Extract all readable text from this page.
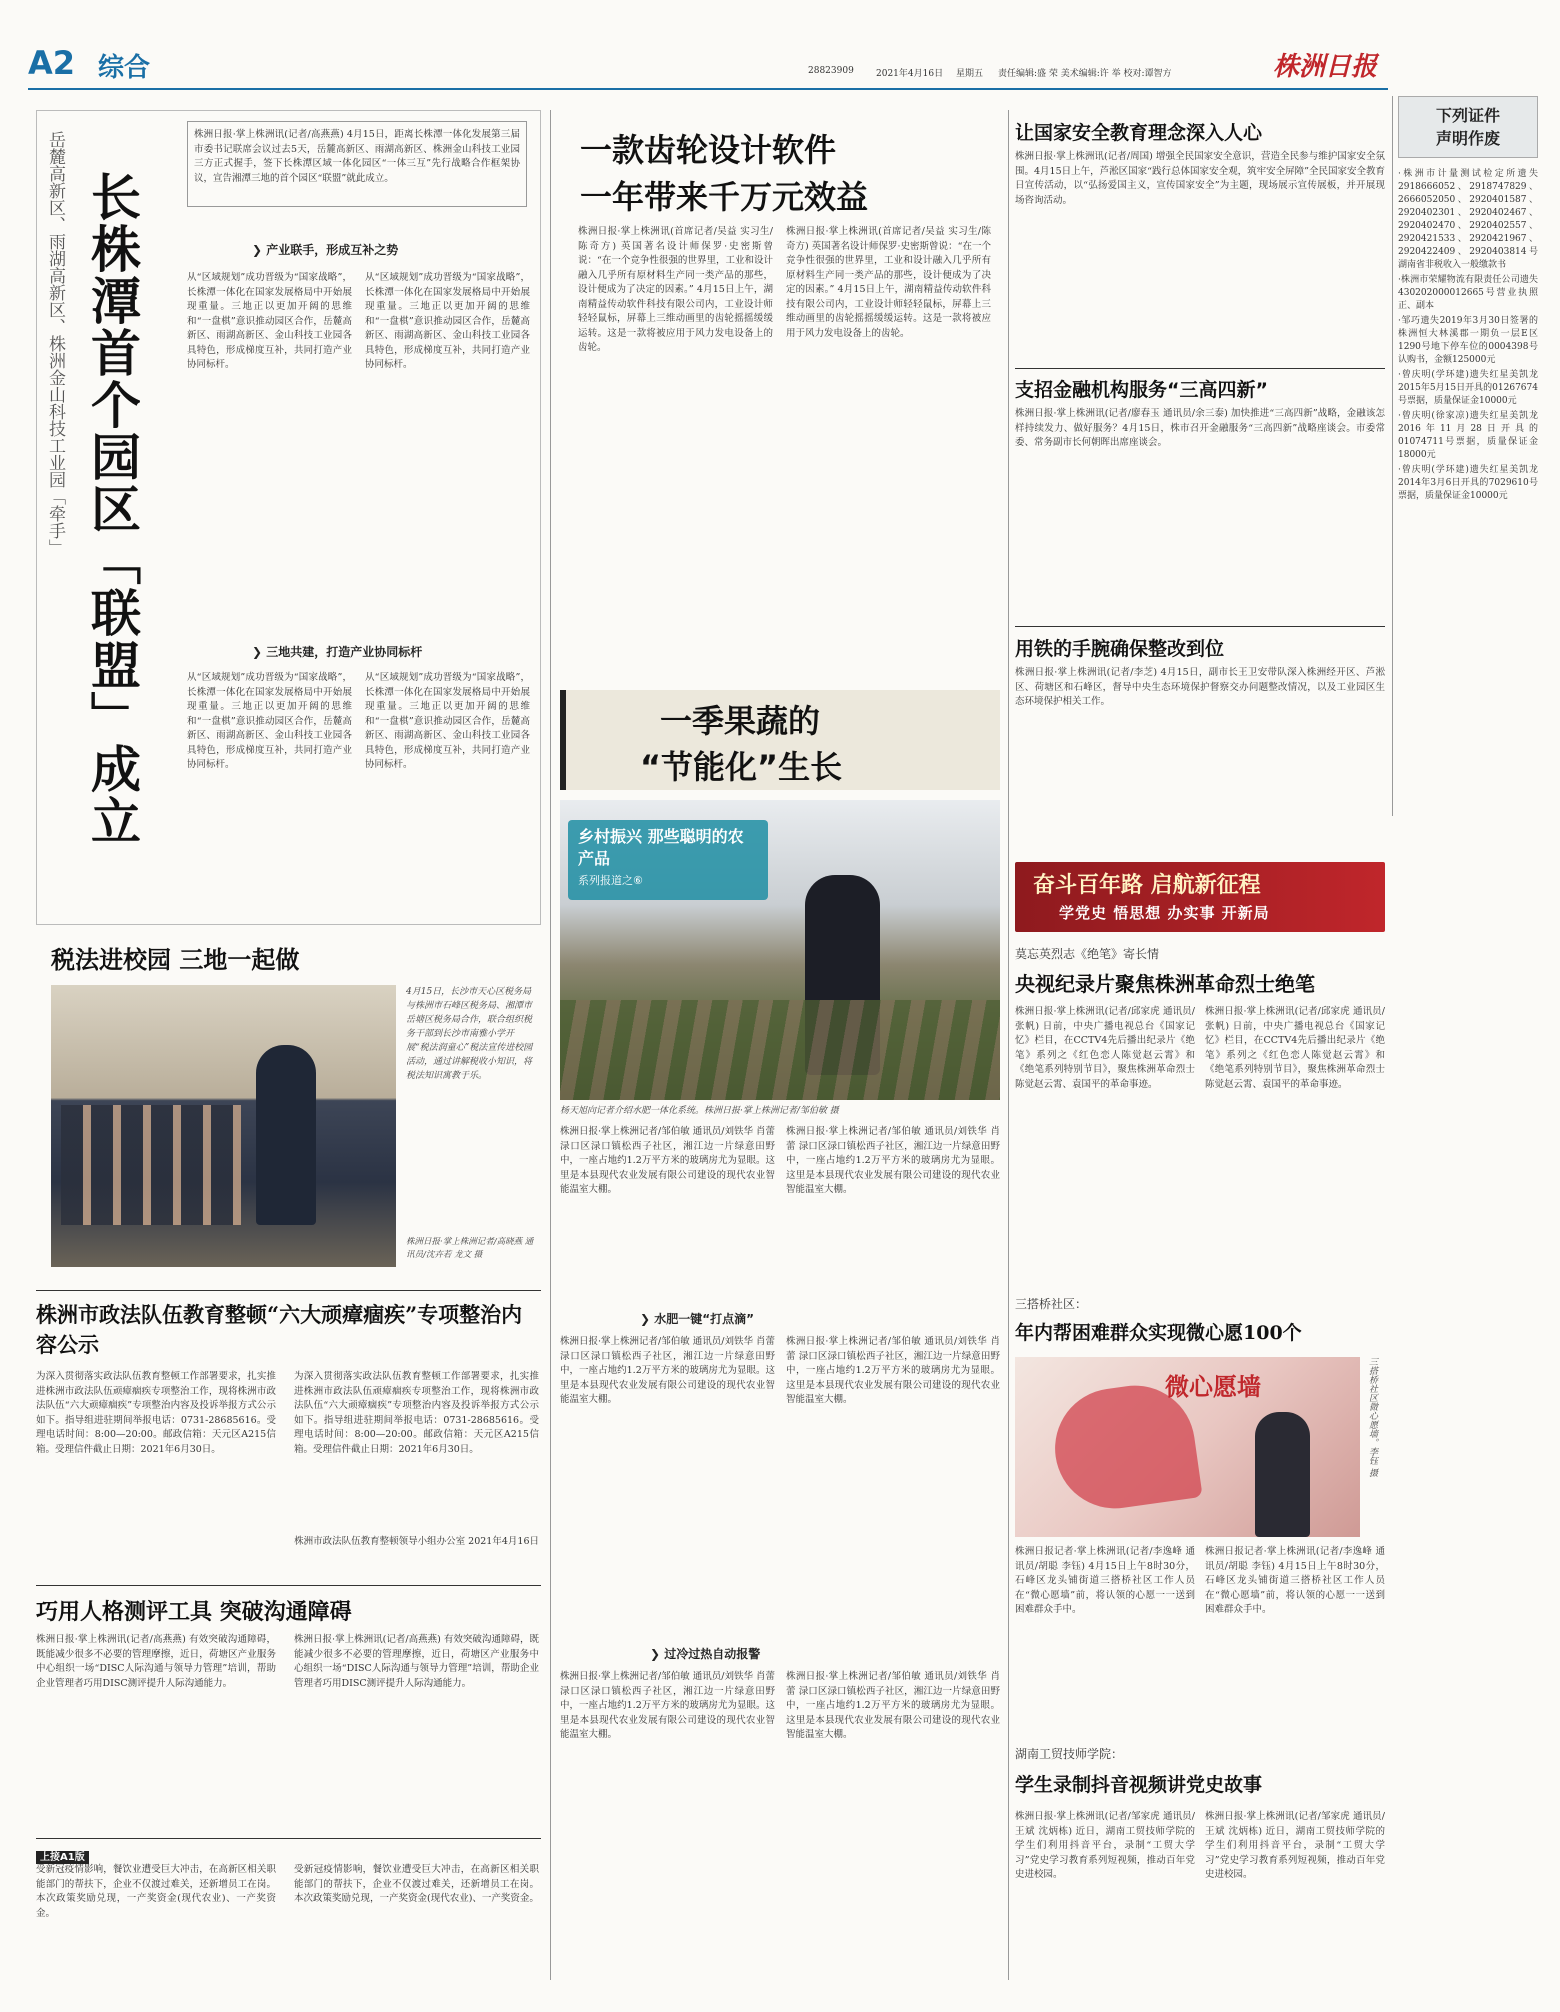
A2 综合	28823909 2021年4月16日 星期五 责任编辑:盛 荣 美术编辑:许 举 校对:谭智方	株洲日报
岳麓高新区、雨湖高新区、株洲金山科技工业园「牵手」 长株潭首个园区「联盟」成立
株洲日报·掌上株洲讯(记者/高燕燕) 4月15日，距离长株潭一体化发展第三届市委书记联席会议过去5天，岳麓高新区、雨湖高新区、株洲金山科技工业园三方正式握手，签下长株潭区域一体化园区“一体三互”先行战略合作框架协议，宣告湘潭三地的首个园区“联盟”就此成立。
❯ 产业联手，形成互补之势
从“区域规划”成功晋级为“国家战略”，长株潭一体化在国家发展格局中开始展现重量。三地正以更加开阔的思维和“一盘棋”意识推动园区合作，岳麓高新区、雨湖高新区、金山科技工业园各具特色，形成梯度互补，共同打造产业协同标杆。
从“区域规划”成功晋级为“国家战略”，长株潭一体化在国家发展格局中开始展现重量。三地正以更加开阔的思维和“一盘棋”意识推动园区合作，岳麓高新区、雨湖高新区、金山科技工业园各具特色，形成梯度互补，共同打造产业协同标杆。
❯ 三地共建，打造产业协同标杆
从“区域规划”成功晋级为“国家战略”，长株潭一体化在国家发展格局中开始展现重量。三地正以更加开阔的思维和“一盘棋”意识推动园区合作，岳麓高新区、雨湖高新区、金山科技工业园各具特色，形成梯度互补，共同打造产业协同标杆。
从“区域规划”成功晋级为“国家战略”，长株潭一体化在国家发展格局中开始展现重量。三地正以更加开阔的思维和“一盘棋”意识推动园区合作，岳麓高新区、雨湖高新区、金山科技工业园各具特色，形成梯度互补，共同打造产业协同标杆。
税法进校园 三地一起做
4月15日，长沙市天心区税务局与株洲市石峰区税务局、湘潭市岳塘区税务局合作，联合组织税务干部到长沙市南雅小学开展“税法润童心”税法宣传进校园活动，通过讲解税收小知识，将税法知识寓教于乐。
株洲日报·掌上株洲记者/高晓燕 通讯员/沈卉若 龙文 摄
株洲市政法队伍教育整顿“六大顽瘴痼疾”专项整治内容公示
为深入贯彻落实政法队伍教育整顿工作部署要求，扎实推进株洲市政法队伍顽瘴痼疾专项整治工作，现将株洲市政法队伍“六大顽瘴痼疾”专项整治内容及投诉举报方式公示如下。指导组进驻期间举报电话：0731-28685616。受理电话时间：8:00—20:00。邮政信箱：天元区A215信箱。受理信件截止日期：2021年6月30日。
为深入贯彻落实政法队伍教育整顿工作部署要求，扎实推进株洲市政法队伍顽瘴痼疾专项整治工作，现将株洲市政法队伍“六大顽瘴痼疾”专项整治内容及投诉举报方式公示如下。指导组进驻期间举报电话：0731-28685616。受理电话时间：8:00—20:00。邮政信箱：天元区A215信箱。受理信件截止日期：2021年6月30日。
株洲市政法队伍教育整顿领导小组办公室 2021年4月16日
巧用人格测评工具 突破沟通障碍
株洲日报·掌上株洲讯(记者/高燕燕) 有效突破沟通障碍，既能减少很多不必要的管理摩擦，近日，荷塘区产业服务中心组织一场“DISC人际沟通与领导力管理”培训，帮助企业管理者巧用DISC测评提升人际沟通能力。
株洲日报·掌上株洲讯(记者/高燕燕) 有效突破沟通障碍，既能减少很多不必要的管理摩擦，近日，荷塘区产业服务中心组织一场“DISC人际沟通与领导力管理”培训，帮助企业管理者巧用DISC测评提升人际沟通能力。
上接A1版
受新冠疫情影响，餐饮业遭受巨大冲击，在高新区相关职能部门的帮扶下，企业不仅渡过难关，还新增员工在岗。本次政策奖励兑现，一产奖资金(现代农业)、一产奖资金。
受新冠疫情影响，餐饮业遭受巨大冲击，在高新区相关职能部门的帮扶下，企业不仅渡过难关，还新增员工在岗。本次政策奖励兑现，一产奖资金(现代农业)、一产奖资金。
一款齿轮设计软件
一年带来千万元效益
株洲日报·掌上株洲讯(首席记者/吴益 实习生/陈奇方) 英国著名设计师保罗·史密斯曾说：“在一个竞争性很强的世界里，工业和设计融入几乎所有原材料生产同一类产品的那些，设计便成为了决定的因素。” 4月15日上午，湖南精益传动软件科技有限公司内，工业设计师轻轻鼠标，屏幕上三维动画里的齿轮摇摇缓缓运转。这是一款将被应用于风力发电设备上的齿轮。
株洲日报·掌上株洲讯(首席记者/吴益 实习生/陈奇方) 英国著名设计师保罗·史密斯曾说：“在一个竞争性很强的世界里，工业和设计融入几乎所有原材料生产同一类产品的那些，设计便成为了决定的因素。” 4月15日上午，湖南精益传动软件科技有限公司内，工业设计师轻轻鼠标，屏幕上三维动画里的齿轮摇摇缓缓运转。这是一款将被应用于风力发电设备上的齿轮。
一季果蔬的
“节能化”生长
乡村振兴 那些聪明的农产品
系列报道之⑥
杨天旭向记者介绍水肥一体化系统。株洲日报·掌上株洲记者/邹伯敏 摄
株洲日报·掌上株洲记者/邹伯敏 通讯员/刘铁华 肖蕾 渌口区渌口镇松西子社区，湘江边一片绿意田野中，一座占地约1.2万平方米的玻璃房尤为显眼。这里是本县现代农业发展有限公司建设的现代农业智能温室大棚。
株洲日报·掌上株洲记者/邹伯敏 通讯员/刘铁华 肖蕾 渌口区渌口镇松西子社区，湘江边一片绿意田野中，一座占地约1.2万平方米的玻璃房尤为显眼。这里是本县现代农业发展有限公司建设的现代农业智能温室大棚。
❯ 水肥一键“打点滴”
株洲日报·掌上株洲记者/邹伯敏 通讯员/刘铁华 肖蕾 渌口区渌口镇松西子社区，湘江边一片绿意田野中，一座占地约1.2万平方米的玻璃房尤为显眼。这里是本县现代农业发展有限公司建设的现代农业智能温室大棚。
株洲日报·掌上株洲记者/邹伯敏 通讯员/刘铁华 肖蕾 渌口区渌口镇松西子社区，湘江边一片绿意田野中，一座占地约1.2万平方米的玻璃房尤为显眼。这里是本县现代农业发展有限公司建设的现代农业智能温室大棚。
❯ 过冷过热自动报警
株洲日报·掌上株洲记者/邹伯敏 通讯员/刘铁华 肖蕾 渌口区渌口镇松西子社区，湘江边一片绿意田野中，一座占地约1.2万平方米的玻璃房尤为显眼。这里是本县现代农业发展有限公司建设的现代农业智能温室大棚。
株洲日报·掌上株洲记者/邹伯敏 通讯员/刘铁华 肖蕾 渌口区渌口镇松西子社区，湘江边一片绿意田野中，一座占地约1.2万平方米的玻璃房尤为显眼。这里是本县现代农业发展有限公司建设的现代农业智能温室大棚。
让国家安全教育理念深入人心
株洲日报·掌上株洲讯(记者/周国) 增强全民国家安全意识，营造全民参与维护国家安全氛围。4月15日上午，芦淞区国家“践行总体国家安全观，筑牢安全屏障”全民国家安全教育日宣传活动，以“弘扬爱国主义，宣传国家安全”为主题，现场展示宣传展板，并开展现场咨询活动。
支招金融机构服务“三高四新”
株洲日报·掌上株洲讯(记者/廖春玉 通讯员/余三泰) 加快推进“三高四新”战略，金融该怎样持续发力、做好服务？4月15日，株市召开金融服务“三高四新”战略座谈会。市委常委、常务副市长何朝晖出席座谈会。
用铁的手腕确保整改到位
株洲日报·掌上株洲讯(记者/李芝) 4月15日，副市长王卫安带队深入株洲经开区、芦淞区、荷塘区和石峰区，督导中央生态环境保护督察交办问题整改情况，以及工业园区生态环境保护相关工作。
奋斗百年路 启航新征程
学党史 悟思想 办实事 开新局
莫忘英烈志《绝笔》寄长情
央视纪录片聚焦株洲革命烈士绝笔
株洲日报·掌上株洲讯(记者/邱家虎 通讯员/张帆) 日前，中央广播电视总台《国家记忆》栏目，在CCTV4先后播出纪录片《绝笔》系列之《红色恋人陈觉赵云霄》和《绝笔系列特别节目》，聚焦株洲革命烈士陈觉赵云霄、袁国平的革命事迹。
株洲日报·掌上株洲讯(记者/邱家虎 通讯员/张帆) 日前，中央广播电视总台《国家记忆》栏目，在CCTV4先后播出纪录片《绝笔》系列之《红色恋人陈觉赵云霄》和《绝笔系列特别节目》，聚焦株洲革命烈士陈觉赵云霄、袁国平的革命事迹。
三搭桥社区：
年内帮困难群众实现微心愿100个
微心愿墙	三搭桥社区微心愿墙。李钰 摄
株洲日报记者·掌上株洲讯(记者/李逸峰 通讯员/胡聪 李钰) 4月15日上午8时30分，石峰区龙头铺街道三搭桥社区工作人员在“微心愿墙”前，将认领的心愿一一送到困难群众手中。
株洲日报记者·掌上株洲讯(记者/李逸峰 通讯员/胡聪 李钰) 4月15日上午8时30分，石峰区龙头铺街道三搭桥社区工作人员在“微心愿墙”前，将认领的心愿一一送到困难群众手中。
湖南工贸技师学院：
学生录制抖音视频讲党史故事
株洲日报·掌上株洲讯(记者/邹家虎 通讯员/王斌 沈炳栋) 近日，湖南工贸技师学院的学生们利用抖音平台，录制“工贸大学习”党史学习教育系列短视频，推动百年党史进校园。
株洲日报·掌上株洲讯(记者/邹家虎 通讯员/王斌 沈炳栋) 近日，湖南工贸技师学院的学生们利用抖音平台，录制“工贸大学习”党史学习教育系列短视频，推动百年党史进校园。
下列证件
声明作废
·株洲市计量测试检定所遗失2918666052、2918747829、2666052050、2920401587、2920402301、2920402467、2920402470、2920402557、2920421533、2920421967、2920422409、2920403814号湖南省非税收入一般缴款书
·株洲市荣耀物流有限责任公司遗失430202000012665号营业执照正、副本
·邹巧遗失2019年3月30日签署的株洲恒大林溪郡一期负一层E区1290号地下停车位的0004398号认购书，金额125000元
·曾庆明(学环建)遗失红星美凯龙2015年5月15日开具的01267674号票据，质量保证金10000元
·曾庆明(徐家凉)遗失红星美凯龙2016年11月28日开具的01074711号票据，质量保证金18000元
·曾庆明(学环建)遗失红星美凯龙2014年3月6日开具的7029610号票据，质量保证金10000元
